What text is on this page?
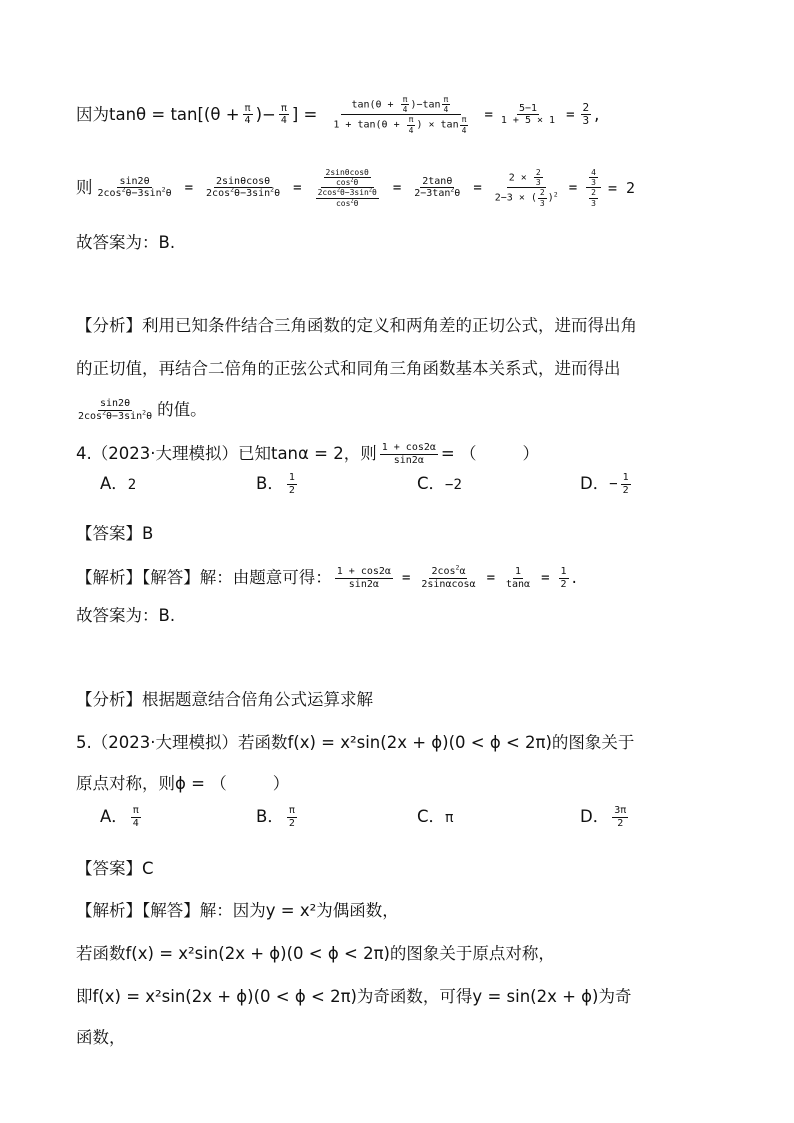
因为$\tan\theta = \tan[(\theta + \frac{\pi}{4}$ )− $\frac{\pi}{4}$ ] = $\frac{\tan(\theta + \frac{\pi}{4} )-\tan \frac{\pi}{4}}{1 + \tan(\theta + \frac{\pi}{4} ) \times \tan \frac{\pi}{4}} = \frac{5-1}{1 + 5 \times 1} = \frac{2}{3}$ ,
则 $\frac{\sin 2\theta}{2\cos^2\theta-3\sin^2\theta} = \frac{2\sin\theta\cos\theta}{2\cos^2\theta-3\sin^2\theta} = \frac{\frac{2\sin\theta\cos\theta}{\cos^2\theta}}{\frac{2\cos^2\theta-3\sin^2\theta}{\cos^2\theta}} = \frac{2\tan\theta}{2-3\tan^2\theta} = \frac{2 \times \frac{2}{3}}{2-3 \times ( \frac{2}{3} )^2} = \frac{\frac{4}{3}}{\frac{2}{3}} = 2$
故答案为：B.
【分析】利用已知条件结合三角函数的定义和两角差的正切公式，进而得出角
的正切值，再结合二倍角的正弦公式和同角三角函数基本关系式，进而得出
$\frac{\sin 2\theta}{2\cos^2\theta-3\sin^2\theta}$ 的值。
4.（2023·大理模拟）已知tanα = 2，则 $\frac{1 + \cos 2\alpha}{\sin 2\alpha}$ = （	）
A．2	B． $\frac{1}{2}$	C．−2	D． − $\frac{1}{2}$
【答案】B
【解析】【解答】解：由题意可得： $\frac{1 + \cos 2\alpha}{\sin 2\alpha} = \frac{2\cos^2\alpha}{2\sin\alpha\cos\alpha} = \frac{1}{\tan\alpha} = \frac{1}{2}$ .
故答案为：B.
【分析】根据题意结合倍角公式运算求解
5.（2023·大理模拟）若函数f(x) = x²sin(2x + ϕ)(0 < ϕ < 2π)的图象关于
原点对称，则ϕ = （	）
A． $\frac{\pi}{4}$	B． $\frac{\pi}{2}$	C．π	D． $\frac{3\pi}{2}$
【答案】C
【解析】【解答】解：因为y = x²为偶函数，
若函数f(x) = x²sin(2x + ϕ)(0 < ϕ < 2π)的图象关于原点对称，
即f(x) = x²sin(2x + ϕ)(0 < ϕ < 2π)为奇函数，可得y = sin(2x + ϕ)为奇
函数，
